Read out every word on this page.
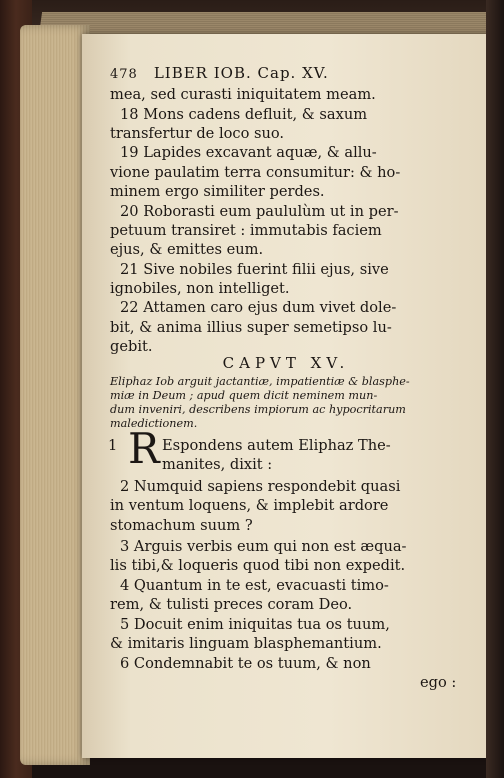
478 LIBER IOB. Cap. XV.
mea, sed curasti iniquitatem meam.
18 Mons cadens defluit, & saxum
transfertur de loco suo.
19 Lapides excavant aquæ, & allu-
vione paulatim terra consumitur: & ho-
minem ergo similiter perdes.
20 Roborasti eum paululùm ut in per-
petuum transiret : immutabis faciem
ejus, & emittes eum.
21 Sive nobiles fuerint filii ejus, sive
ignobiles, non intelliget.
22 Attamen caro ejus dum vivet dole-
bit, & anima illius super semetipso lu-
gebit.
CAPVT XV.
Eliphaz Iob arguit jactantiæ, impatientiæ & blasphe-
miæ in Deum ; apud quem dicit neminem mun-
dum inveniri, describens impiorum ac hypocritarum
maledictionem.
1 R Espondens autem Eliphaz The-
manites, dixit :
2 Numquid sapiens respondebit quasi
in ventum loquens, & implebit ardore
stomachum suum ?
3 Arguis verbis eum qui non est æqua-
lis tibi,& loqueris quod tibi non expedit.
4 Quantum in te est, evacuasti timo-
rem, & tulisti preces coram Deo.
5 Docuit enim iniquitas tua os tuum,
& imitaris linguam blasphemantium.
6 Condemnabit te os tuum, & non
ego :
